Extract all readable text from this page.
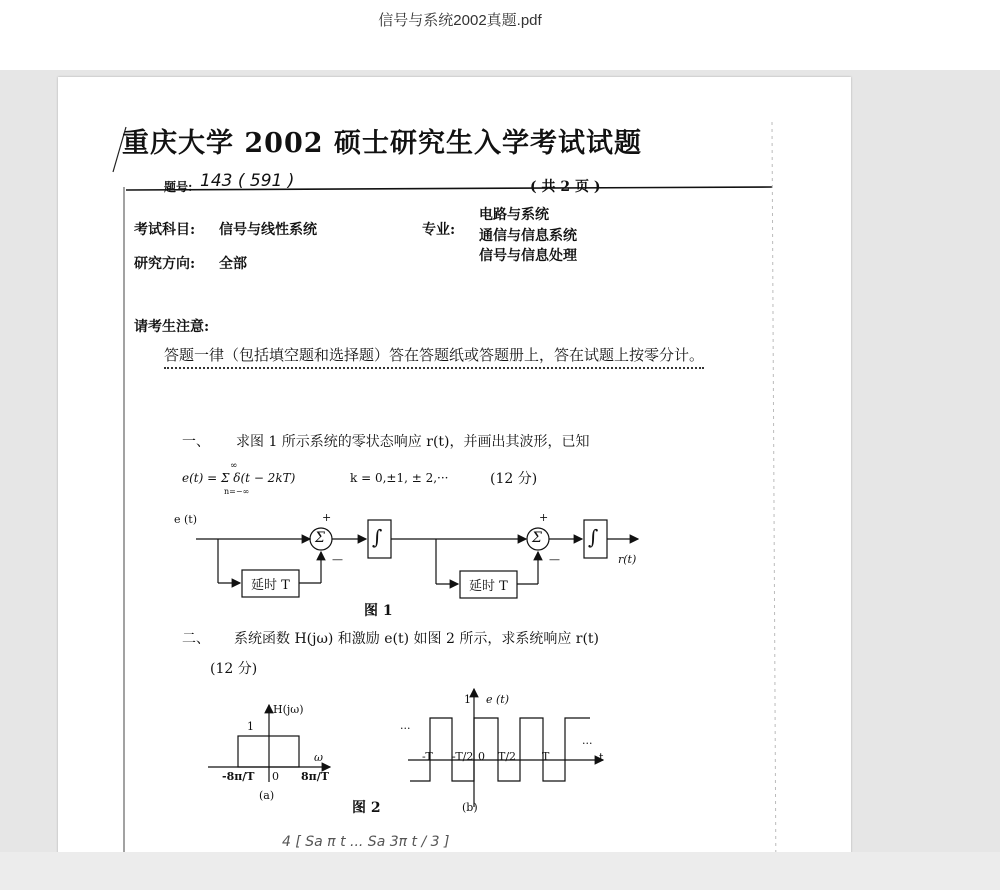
信号与系统2002真题.pdf
重庆大学 2002 硕士研究生入学考试试题
题号: 143 ( 591 )	( 共 2 页 )
考试科目: 信号与线性系统	专业:
电路与系统
通信与信息系统
信号与信息处理
研究方向: 全部
请考生注意:
答题一律（包括填空题和选择题）答在答题纸或答题册上，答在试题上按零分计。
一、 求图 1 所示系统的零状态响应 r(t)，并画出其波形，已知
∞
e(t) = Σ δ(t − 2kT)
n=−∞
k = 0,±1, ± 2,···	(12 分)
e (t)
Σ	Σ
∫	∫
+	+
—	—
延时 T	延时 T
r(t)
图 1
二、 系统函数 H(jω) 和激励 e(t) 如图 2 所示，求系统响应 r(t)
(12 分)
H(jω)
1
ω
-8π/T 0 8π/T
(a)
1 e (t)
···
···
-T -T/2 0 T/2 T	t
(b)
图 2
4 [ Sa π t ... Sa 3π t / 3 ]
